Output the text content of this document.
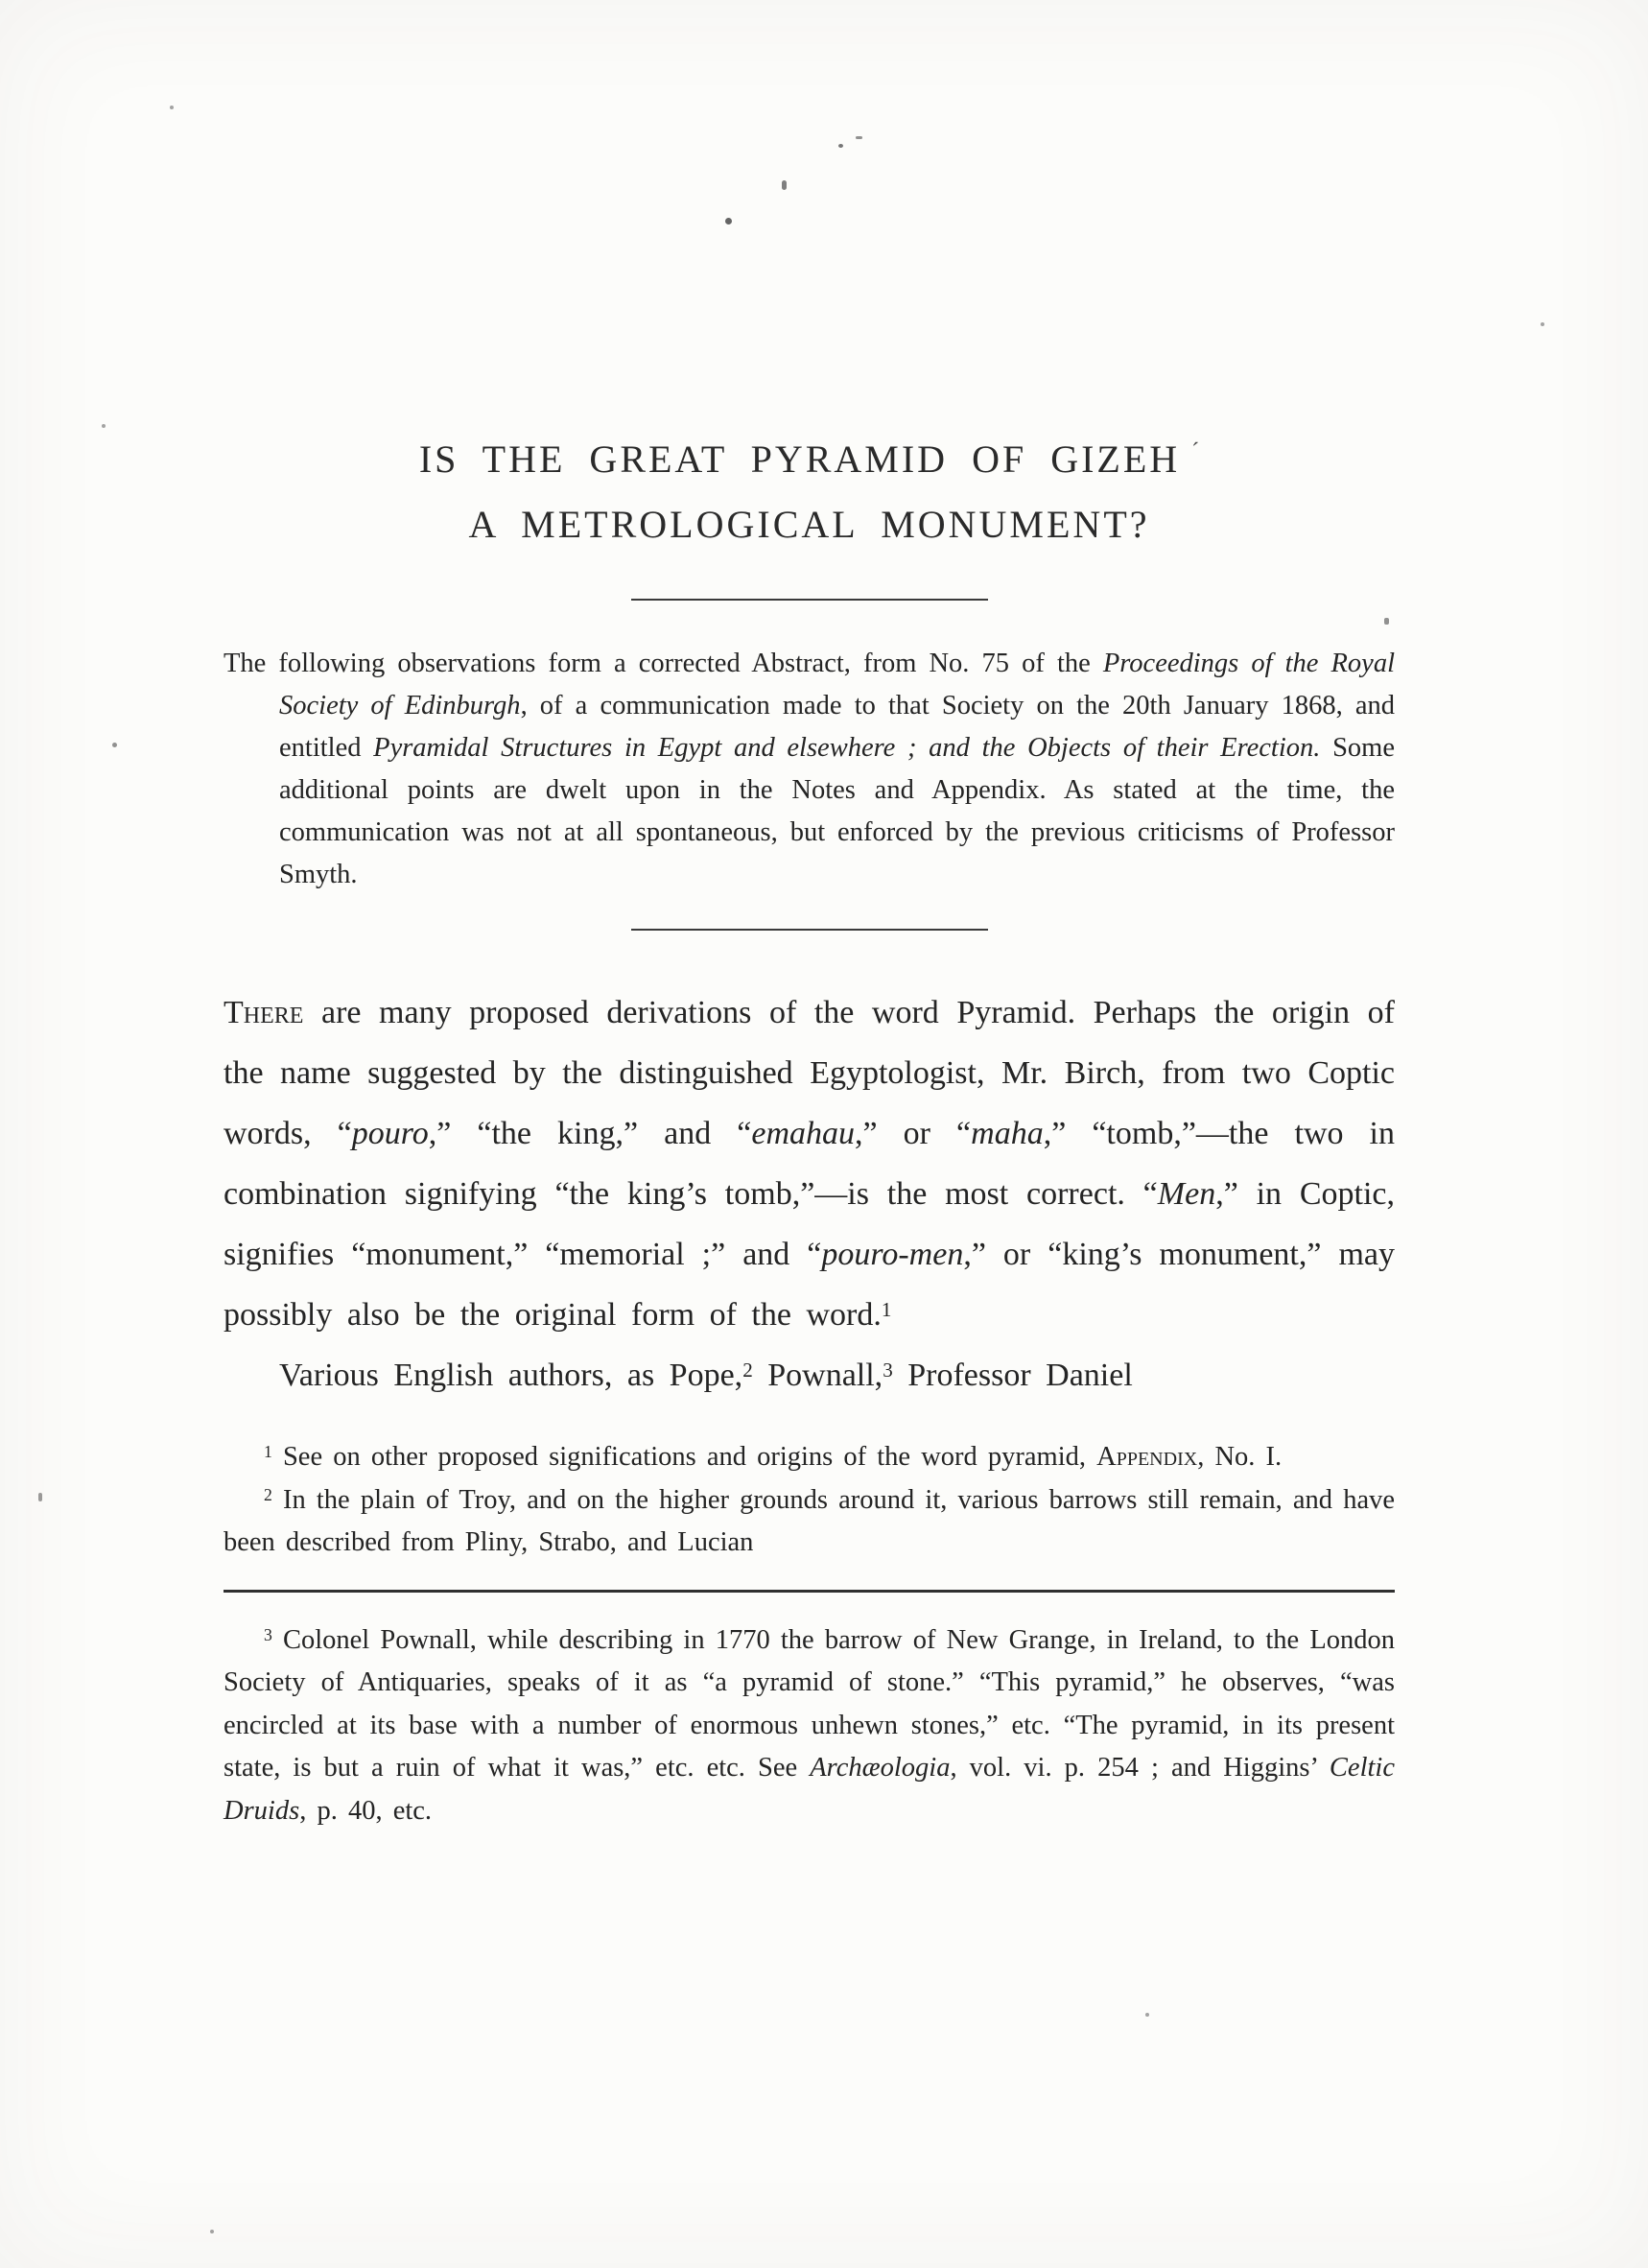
IS THE GREAT PYRAMID OF GIZEH ´
A METROLOGICAL MONUMENT?

The following observations form a corrected Abstract, from No. 75 of the Proceedings of the Royal Society of Edinburgh, of a communication made to that Society on the 20th January 1868, and entitled Pyramidal Structures in Egypt and elsewhere ; and the Objects of their Erection. Some additional points are dwelt upon in the Notes and Appendix. As stated at the time, the communication was not at all spontaneous, but enforced by the previous criticisms of Professor Smyth.

There are many proposed derivations of the word Pyramid. Perhaps the origin of the name suggested by the distinguished Egyptologist, Mr. Birch, from two Coptic words, “pouro,” “the king,” and “emahau,” or “maha,” “tomb,”—the two in combination signifying “the king’s tomb,”—is the most correct. “Men,” in Coptic, signifies “monument,” “memorial ;” and “pouro-men,” or “king’s monument,” may possibly also be the original form of the word.$^1$

Various English authors, as Pope,$^2$ Pownall,$^3$ Professor Daniel

$^1$ See on other proposed significations and origins of the word pyramid, Appendix, No. I.

$^2$ In the plain of Troy, and on the higher grounds around it, various barrows still remain, and have been described from Pliny, Strabo, and Lucian

$^3$ Colonel Pownall, while describing in 1770 the barrow of New Grange, in Ireland, to the London Society of Antiquaries, speaks of it as “a pyramid of stone.” “This pyramid,” he observes, “was encircled at its base with a number of enormous unhewn stones,” etc. “The pyramid, in its present state, is but a ruin of what it was,” etc. etc. See Archæologia, vol. vi. p. 254 ; and Higgins’ Celtic Druids, p. 40, etc.
